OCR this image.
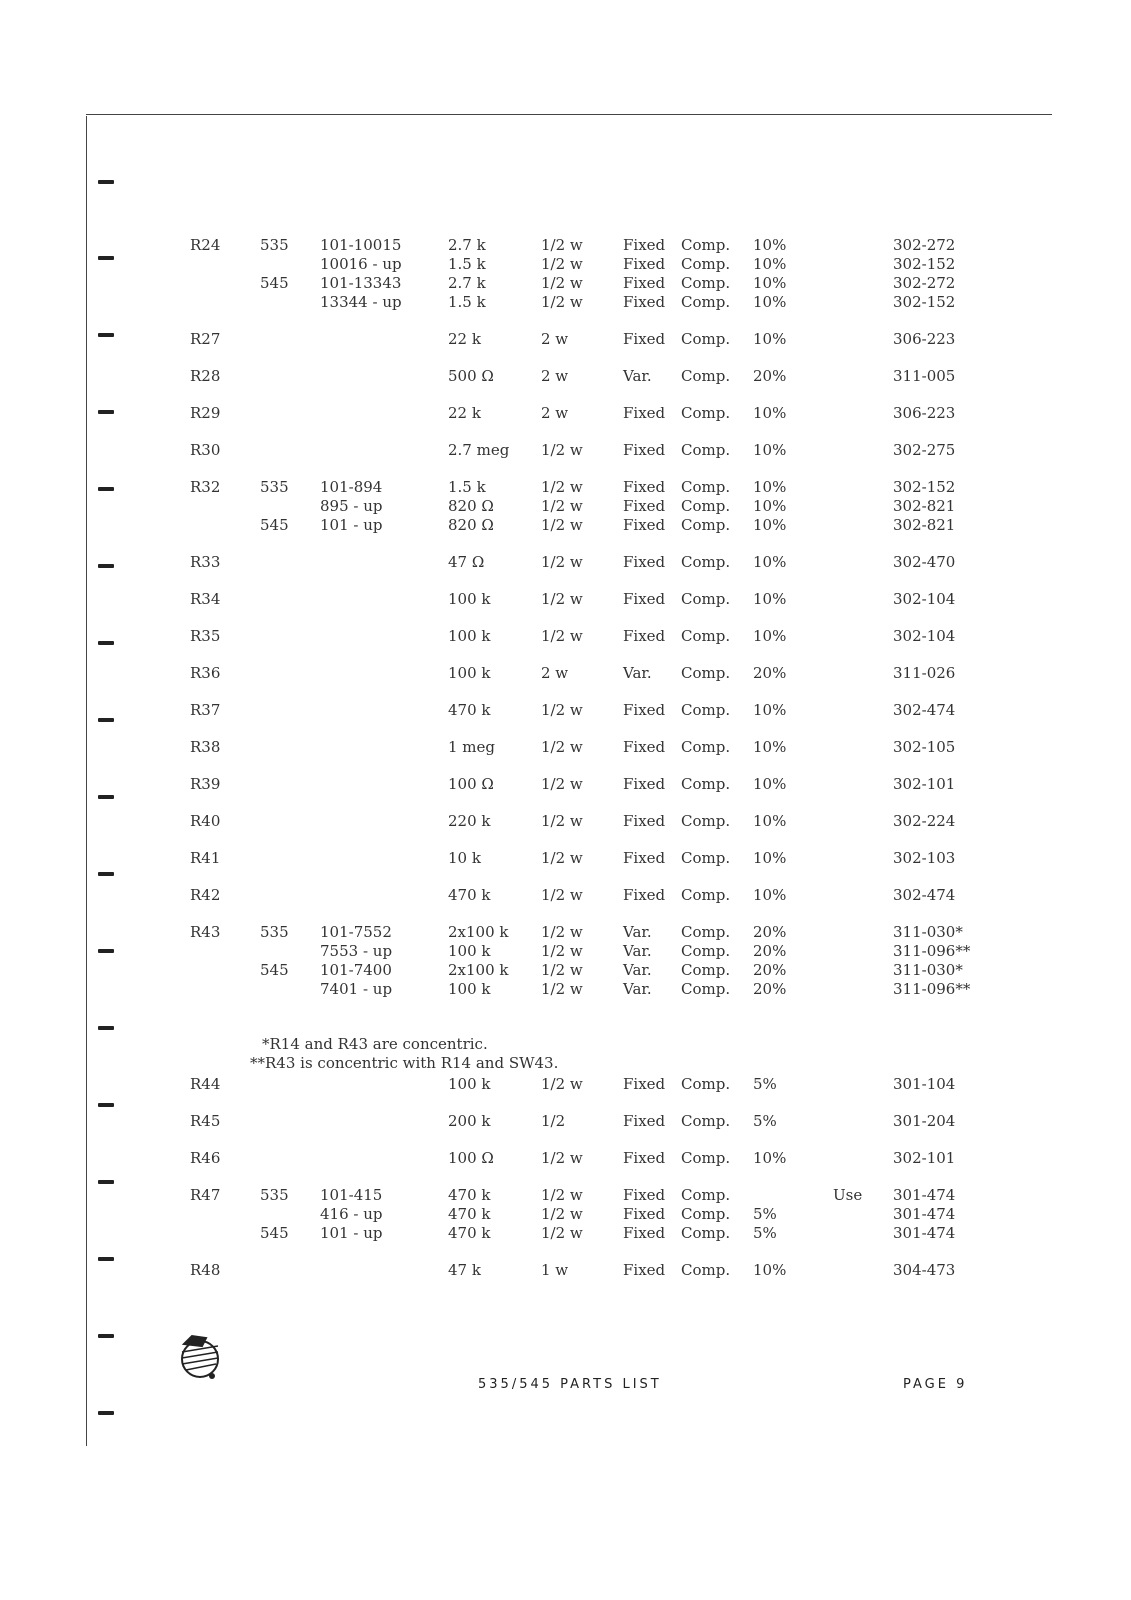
R24	535 101-10015	2.7 k	1/2 w	Fixed Comp. 10%	302-272
10016 - up	1.5 k	1/2 w	Fixed Comp. 10%	302-152
545 101-13343	2.7 k	1/2 w	Fixed Comp. 10%	302-272
13344 - up	1.5 k	1/2 w	Fixed Comp. 10%	302-152
R27	22 k	2 w	Fixed Comp. 10%	306-223
R28	500 Ω	2 w	Var. Comp. 20%	311-005
R29	22 k	2 w	Fixed Comp. 10%	306-223
R30	2.7 meg 1/2 w	Fixed Comp. 10%	302-275
R32	535 101-894	1.5 k	1/2 w	Fixed Comp. 10%	302-152
895 - up	820 Ω	1/2 w	Fixed Comp. 10%	302-821
545 101 - up	820 Ω	1/2 w	Fixed Comp. 10%	302-821
R33	47 Ω	1/2 w	Fixed Comp. 10%	302-470
R34	100 k	1/2 w	Fixed Comp. 10%	302-104
R35	100 k	1/2 w	Fixed Comp. 10%	302-104
R36	100 k	2 w	Var. Comp. 20%	311-026
R37	470 k	1/2 w	Fixed Comp. 10%	302-474
R38	1 meg	1/2 w	Fixed Comp. 10%	302-105
R39	100 Ω	1/2 w	Fixed Comp. 10%	302-101
R40	220 k	1/2 w	Fixed Comp. 10%	302-224
R41	10 k	1/2 w	Fixed Comp. 10%	302-103
R42	470 k	1/2 w	Fixed Comp. 10%	302-474
R43	535 101-7552	2x100 k 1/2 w	Var. Comp. 20%	311-030*
7553 - up	100 k	1/2 w	Var. Comp. 20%	311-096**
545 101-7400	2x100 k 1/2 w	Var. Comp. 20%	311-030*
7401 - up	100 k	1/2 w	Var. Comp. 20%	311-096**
R44	100 k	1/2 w	Fixed Comp. 5%	301-104
R45	200 k	1/2	Fixed Comp. 5%	301-204
R46	100 Ω	1/2 w	Fixed Comp. 10%	302-101
R47	535 101-415	470 k	1/2 w	Fixed Comp.	Use 301-474
416 - up	470 k	1/2 w	Fixed Comp. 5%	301-474
545 101 - up	470 k	1/2 w	Fixed Comp. 5%	301-474
R48	47 k	1 w	Fixed Comp. 10%	304-473
*R14 and R43 are concentric.
**R43 is concentric with R14 and SW43.
535/545 PARTS LIST	PAGE 9
